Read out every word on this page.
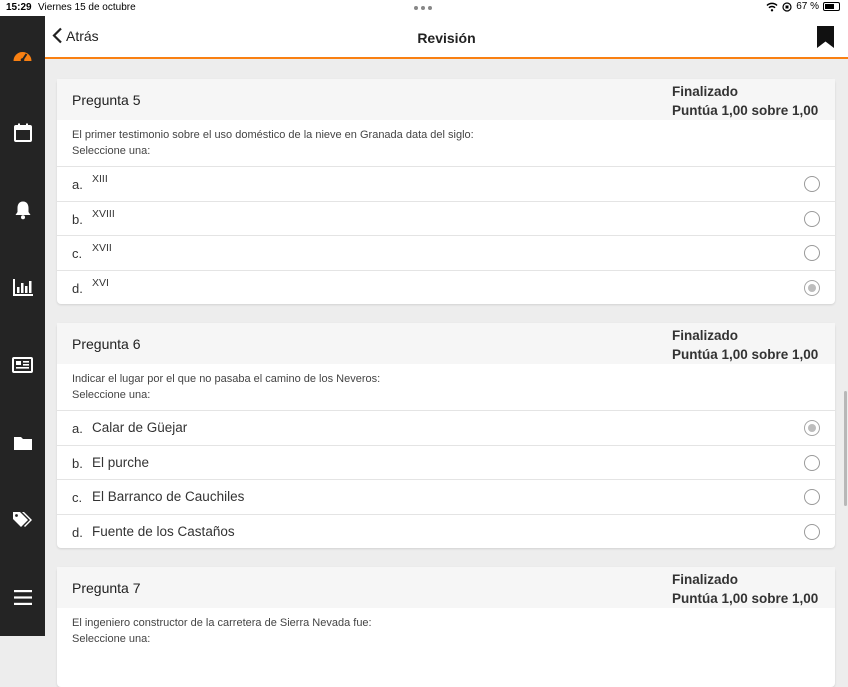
15:29 Viernes 15 de octubre	67 %
Revisión
Atrás
Pregunta 5
Finalizado
Puntúa 1,00 sobre 1,00
El primer testimonio sobre el uso doméstico de la nieve en Granada data del siglo:
Seleccione una:
a. XIII
b. XVIII
c. XVII
d. XVI
Pregunta 6
Finalizado
Puntúa 1,00 sobre 1,00
Indicar el lugar por el que no pasaba el camino de los Neveros:
Seleccione una:
a. Calar de Güejar
b. El purche
c. El Barranco de Cauchiles
d. Fuente de los Castaños
Pregunta 7
Finalizado
Puntúa 1,00 sobre 1,00
El ingeniero constructor de la carretera de Sierra Nevada fue:
Seleccione una:
